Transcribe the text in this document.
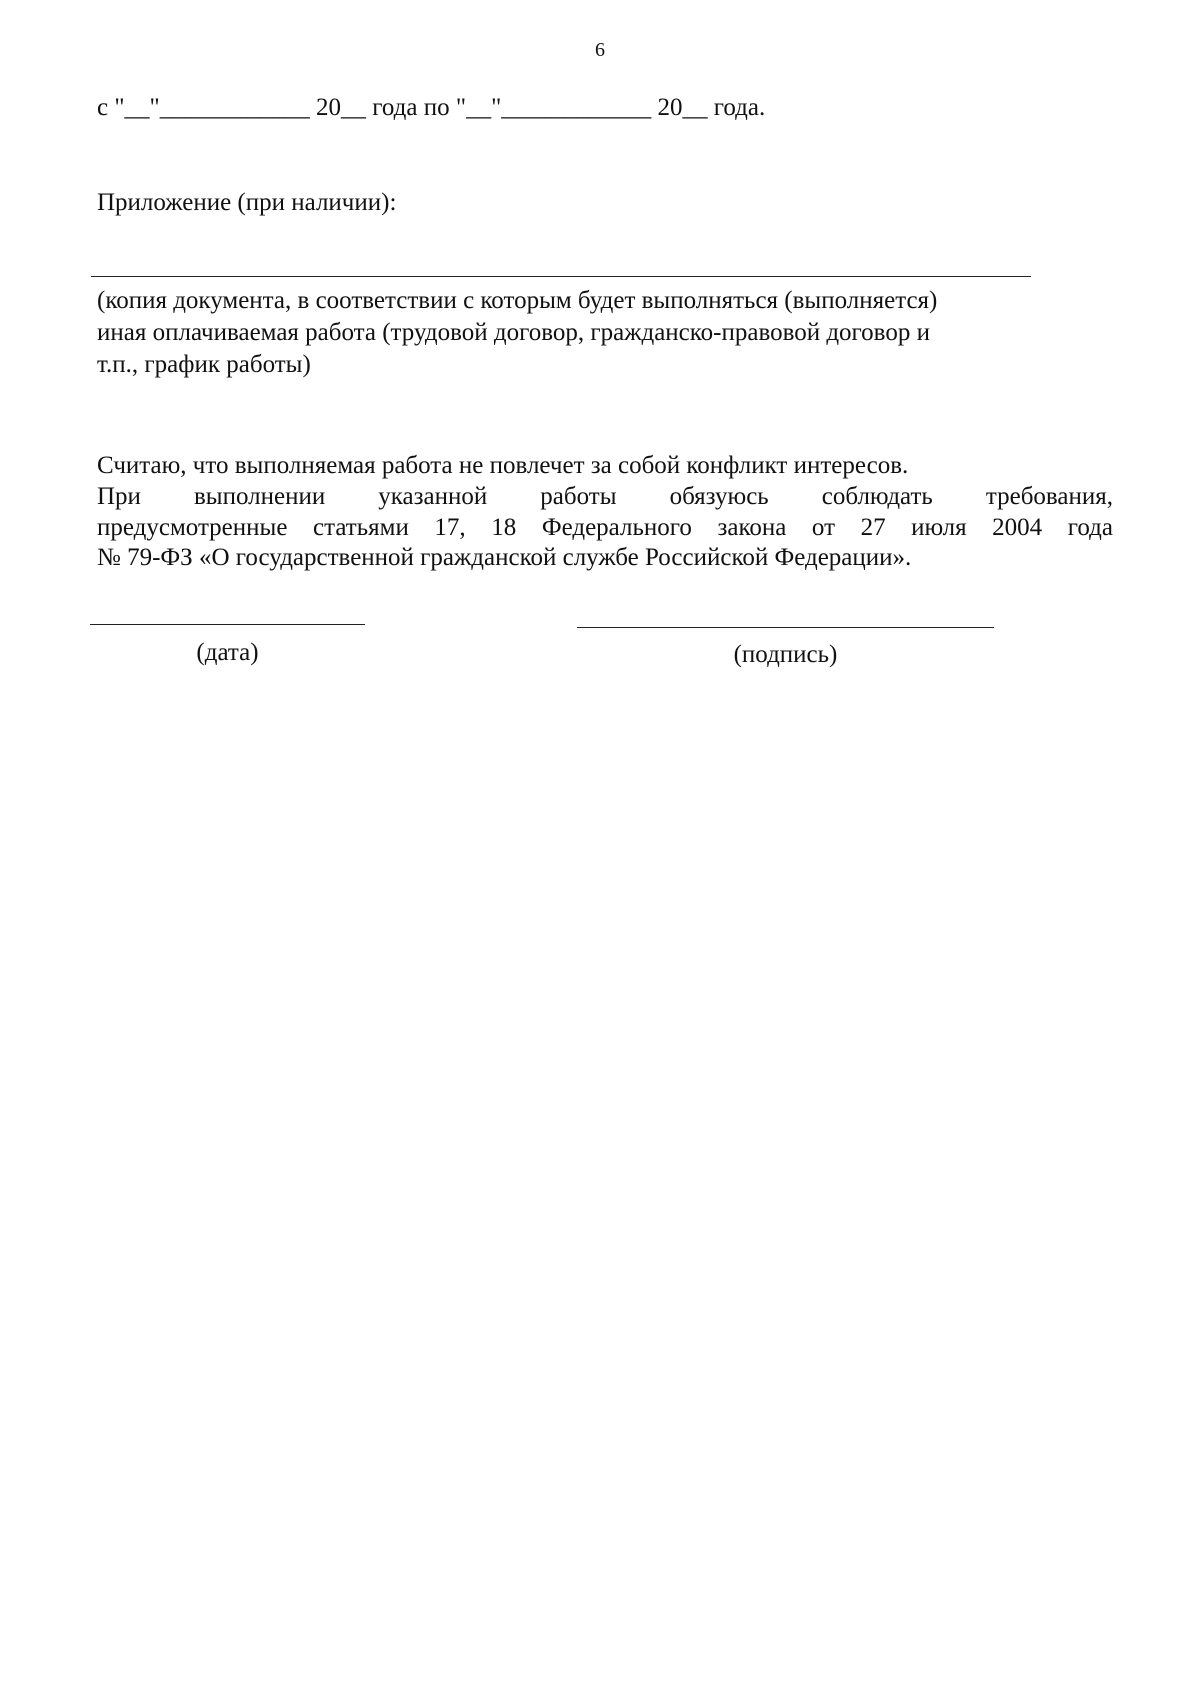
6
с "__"____________ 20__ года по "__"____________ 20__ года.
Приложение (при наличии):
(копия документа, в соответствии с которым будет выполняться (выполняется)
иная оплачиваемая работа (трудовой договор, гражданско-правовой договор и
т.п., график работы)
Считаю, что выполняемая работа не повлечет за собой конфликт интересов.
При выполнении указанной работы обязуюсь соблюдать требования,
предусмотренные статьями 17, 18 Федерального закона от 27 июля 2004 года
№ 79-ФЗ «О государственной гражданской службе Российской Федерации».
(дата)	(подпись)
